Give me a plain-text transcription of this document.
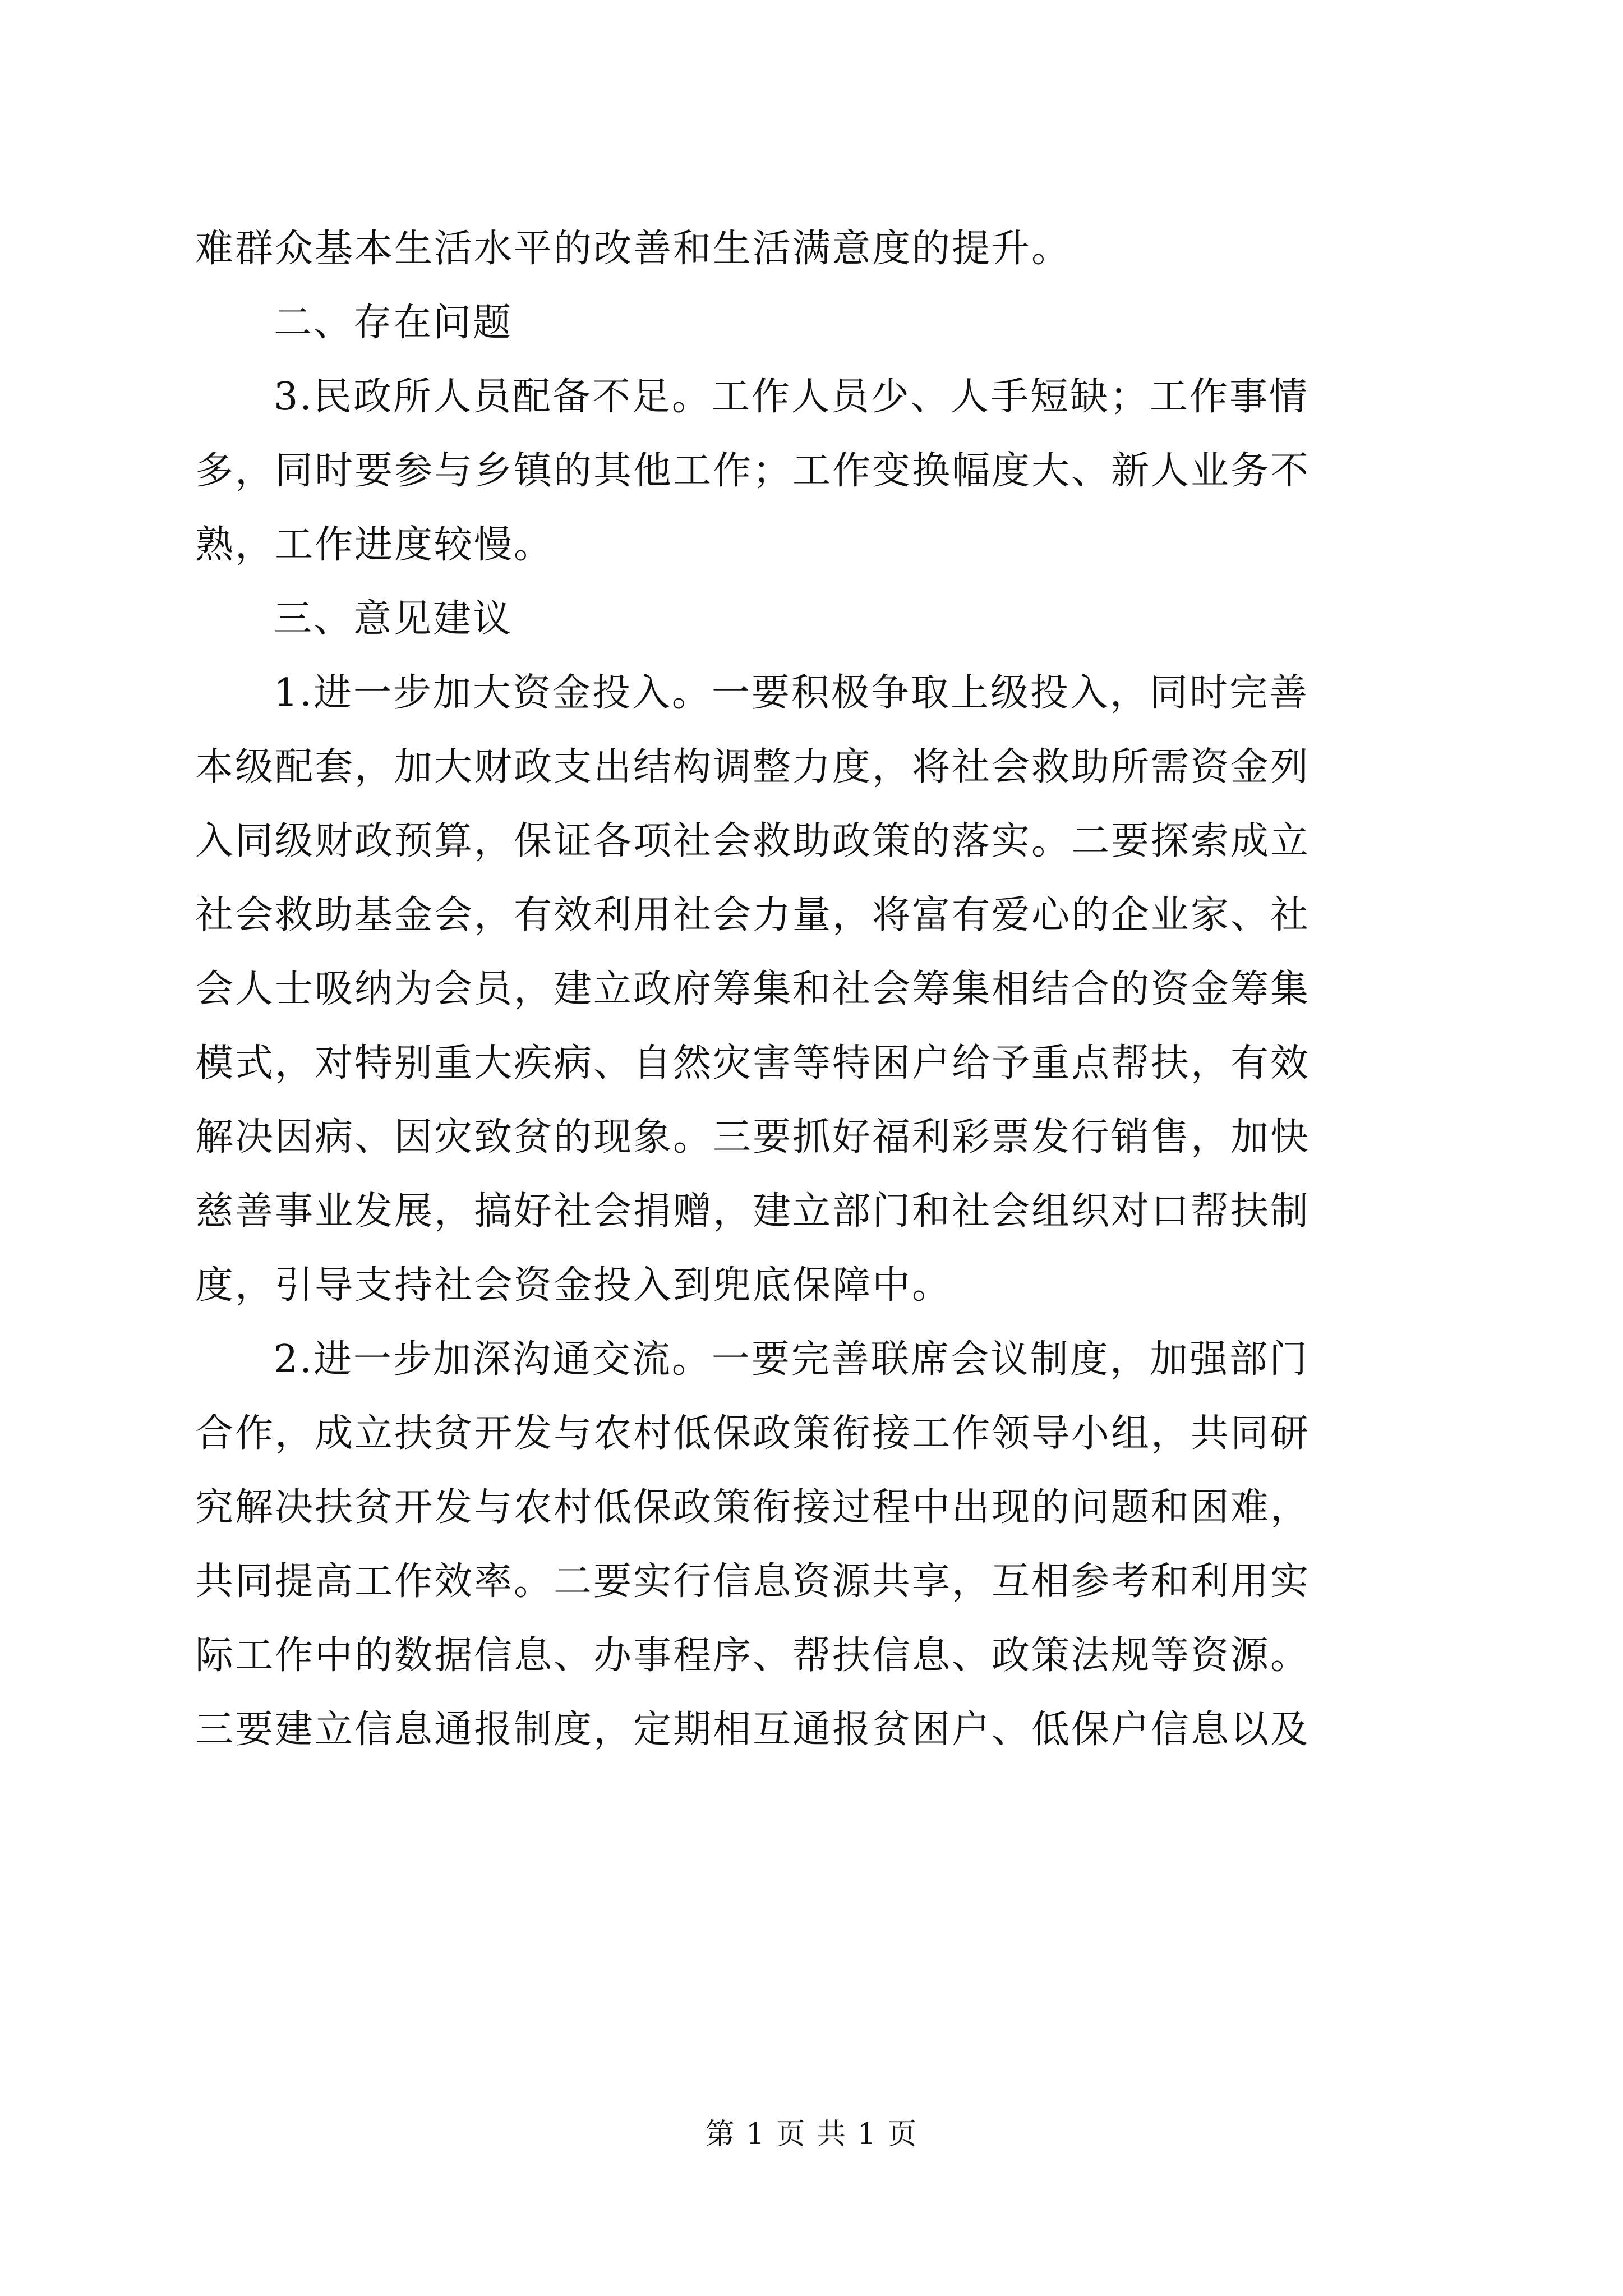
难群众基本生活水平的改善和生活满意度的提升。

二、存在问题

3.民政所人员配备不足。工作人员少、人手短缺；工作事情
多，同时要参与乡镇的其他工作；工作变换幅度大、新人业务不
熟，工作进度较慢。

三、意见建议

1.进一步加大资金投入。一要积极争取上级投入，同时完善
本级配套，加大财政支出结构调整力度，将社会救助所需资金列
入同级财政预算，保证各项社会救助政策的落实。二要探索成立
社会救助基金会，有效利用社会力量，将富有爱心的企业家、社
会人士吸纳为会员，建立政府筹集和社会筹集相结合的资金筹集
模式，对特别重大疾病、自然灾害等特困户给予重点帮扶，有效
解决因病、因灾致贫的现象。三要抓好福利彩票发行销售，加快
慈善事业发展，搞好社会捐赠，建立部门和社会组织对口帮扶制
度，引导支持社会资金投入到兜底保障中。

2.进一步加深沟通交流。一要完善联席会议制度，加强部门
合作，成立扶贫开发与农村低保政策衔接工作领导小组，共同研
究解决扶贫开发与农村低保政策衔接过程中出现的问题和困难，
共同提高工作效率。二要实行信息资源共享，互相参考和利用实
际工作中的数据信息、办事程序、帮扶信息、政策法规等资源。
三要建立信息通报制度，定期相互通报贫困户、低保户信息以及

第 1 页 共 1 页
